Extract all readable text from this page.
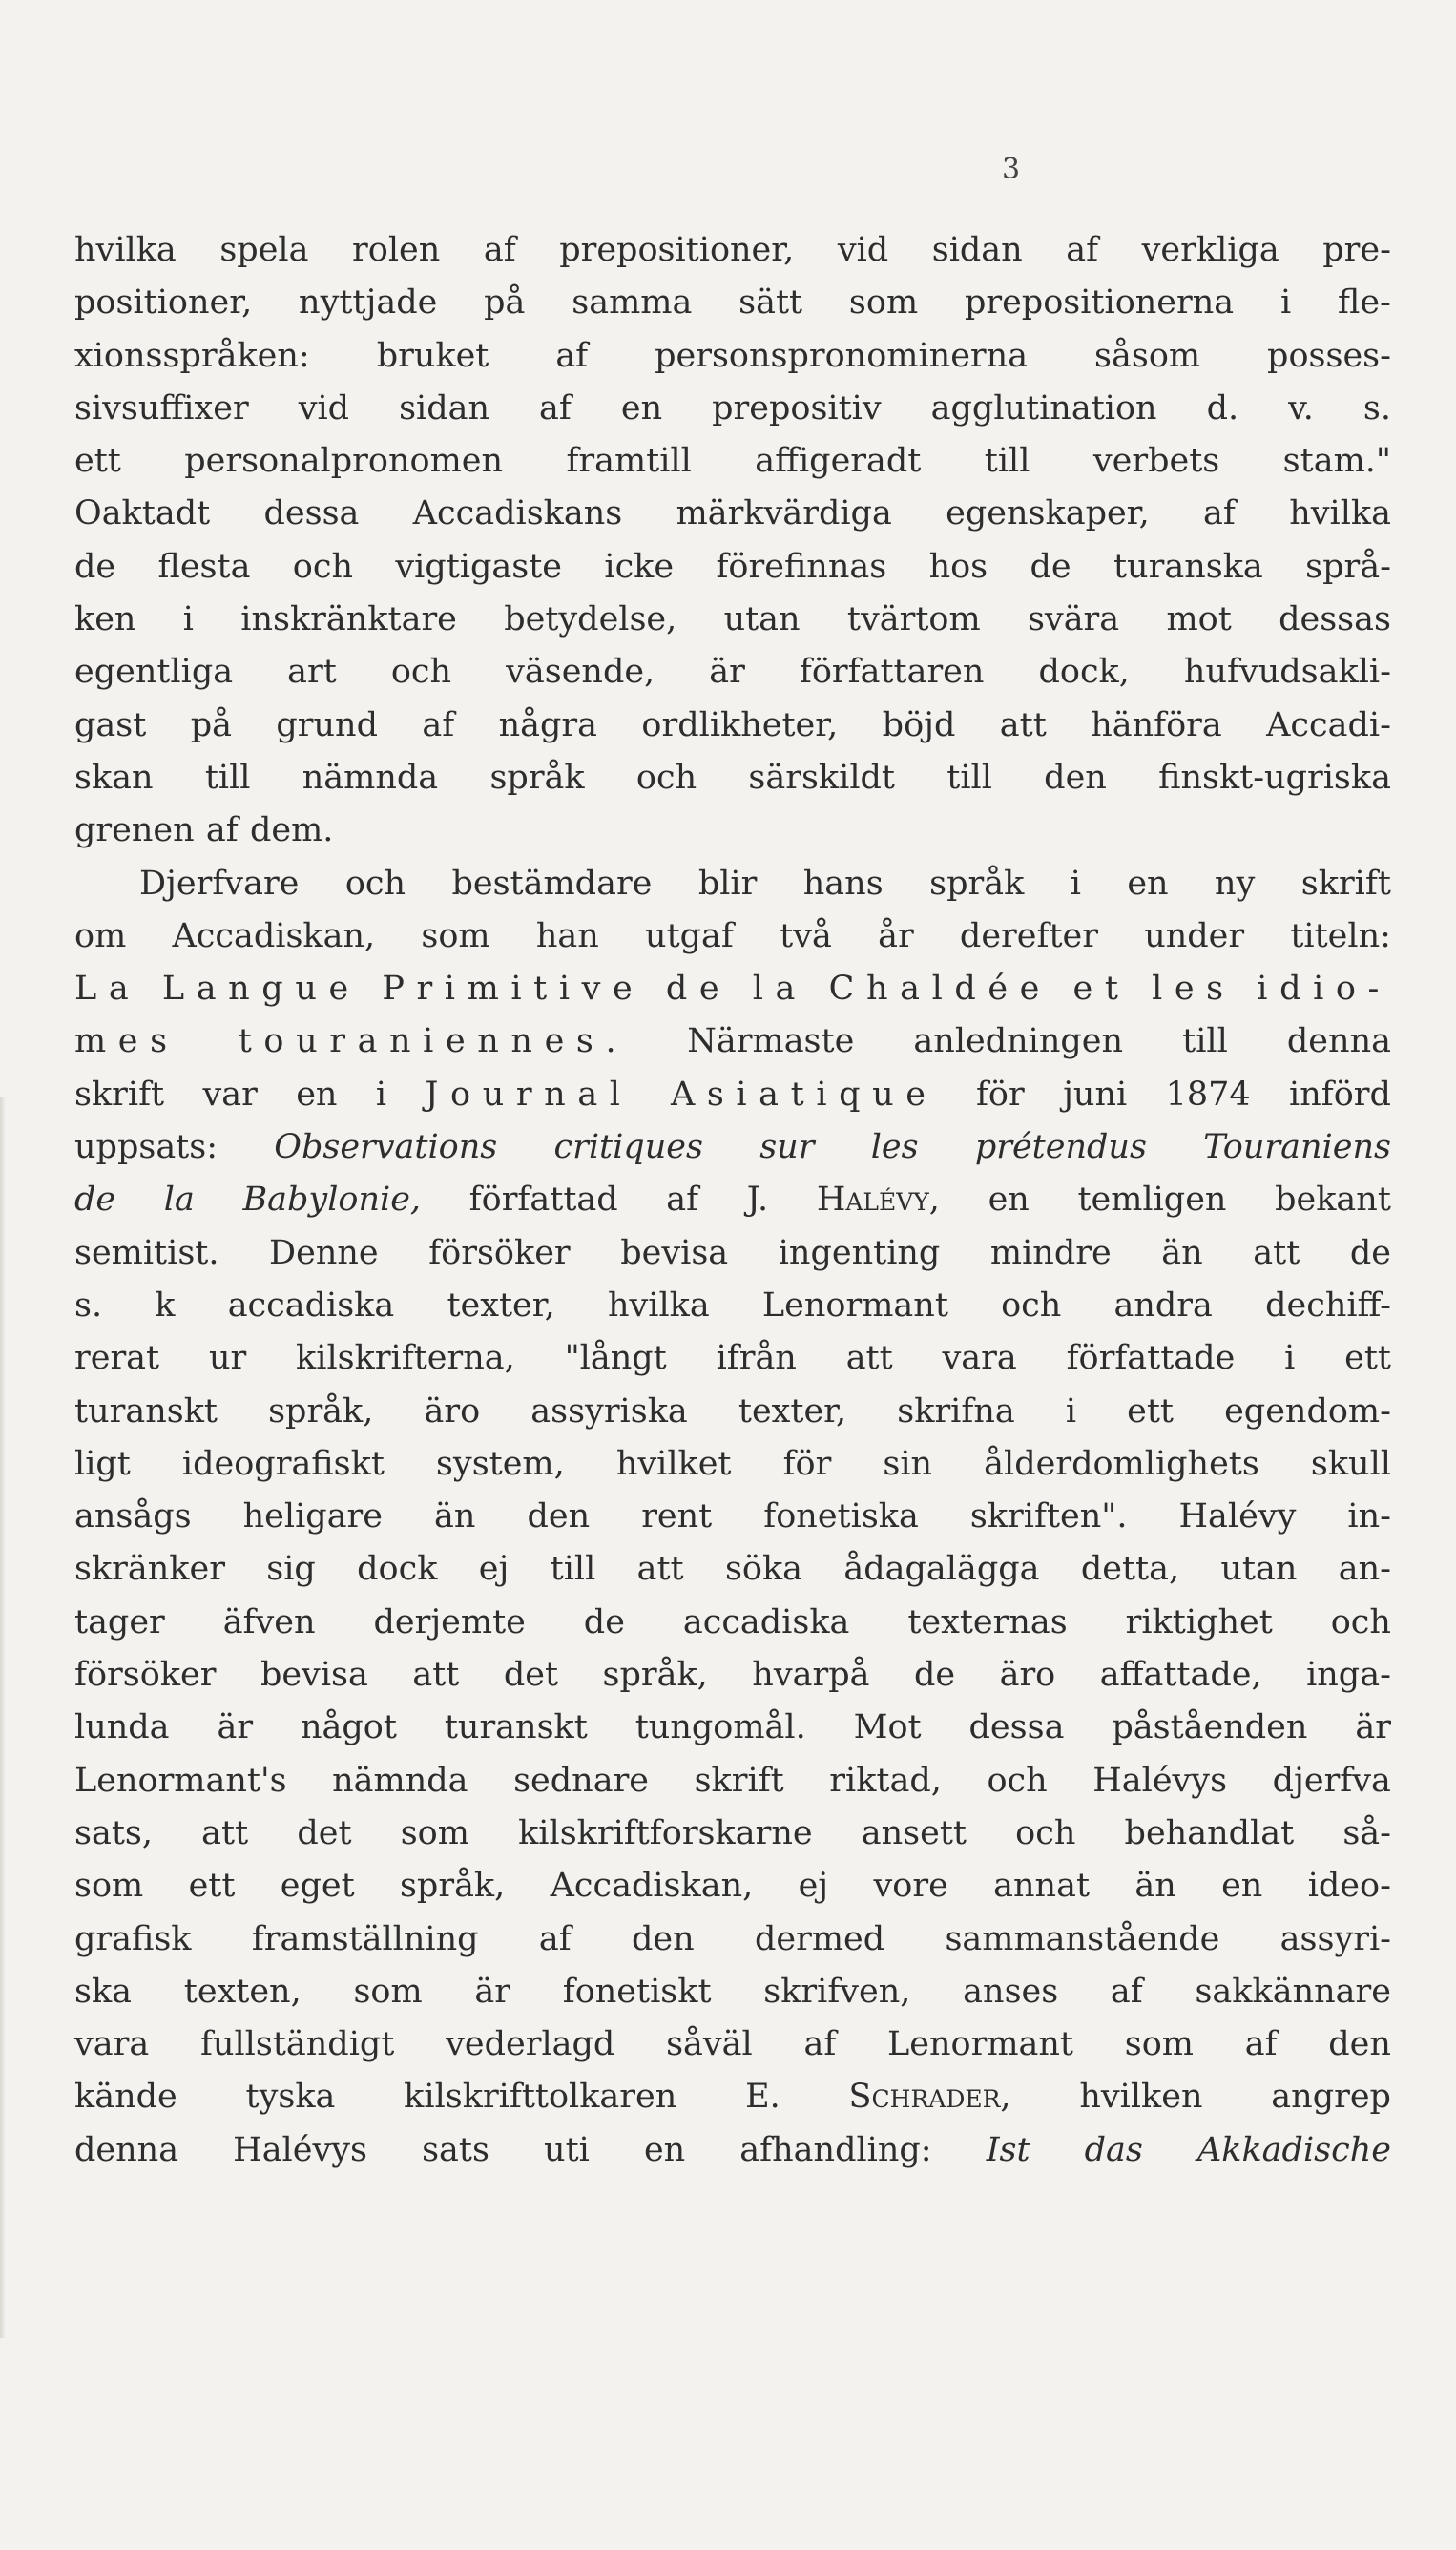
3
hvilka spela rolen af prepositioner, vid sidan af verkliga pre-
positioner, nyttjade på samma sätt som prepositionerna i fle-
xionsspråken: bruket af personspronominerna såsom posses-
sivsuffixer vid sidan af en prepositiv agglutination d. v. s.
ett personalpronomen framtill affigeradt till verbets stam."
Oaktadt dessa Accadiskans märkvärdiga egenskaper, af hvilka
de flesta och vigtigaste icke förefinnas hos de turanska språ-
ken i inskränktare betydelse, utan tvärtom svära mot dessas
egentliga art och väsende, är författaren dock, hufvudsakli-
gast på grund af några ordlikheter, böjd att hänföra Accadi-
skan till nämnda språk och särskildt till den finskt-ugriska
grenen af dem.
Djerfvare och bestämdare blir hans språk i en ny skrift
om Accadiskan, som han utgaf två år derefter under titeln:
La Langue Primitive de la Chaldée et les idio-
mes touraniennes. Närmaste anledningen till denna
skrift var en i Journal Asiatique för juni 1874 införd
uppsats: Observations critiques sur les prétendus Touraniens
de la Babylonie, författad af J. Halévy, en temligen bekant
semitist. Denne försöker bevisa ingenting mindre än att de
s. k accadiska texter, hvilka Lenormant och andra dechiff-
rerat ur kilskrifterna, "långt ifrån att vara författade i ett
turanskt språk, äro assyriska texter, skrifna i ett egendom-
ligt ideografiskt system, hvilket för sin ålderdomlighets skull
ansågs heligare än den rent fonetiska skriften". Halévy in-
skränker sig dock ej till att söka ådagalägga detta, utan an-
tager äfven derjemte de accadiska texternas riktighet och
försöker bevisa att det språk, hvarpå de äro affattade, inga-
lunda är något turanskt tungomål. Mot dessa påståenden är
Lenormant's nämnda sednare skrift riktad, och Halévys djerfva
sats, att det som kilskriftforskarne ansett och behandlat så-
som ett eget språk, Accadiskan, ej vore annat än en ideo-
grafisk framställning af den dermed sammanstående assyri-
ska texten, som är fonetiskt skrifven, anses af sakkännare
vara fullständigt vederlagd såväl af Lenormant som af den
kände tyska kilskrifttolkaren E. Schrader, hvilken angrep
denna Halévys sats uti en afhandling: Ist das Akkadische
